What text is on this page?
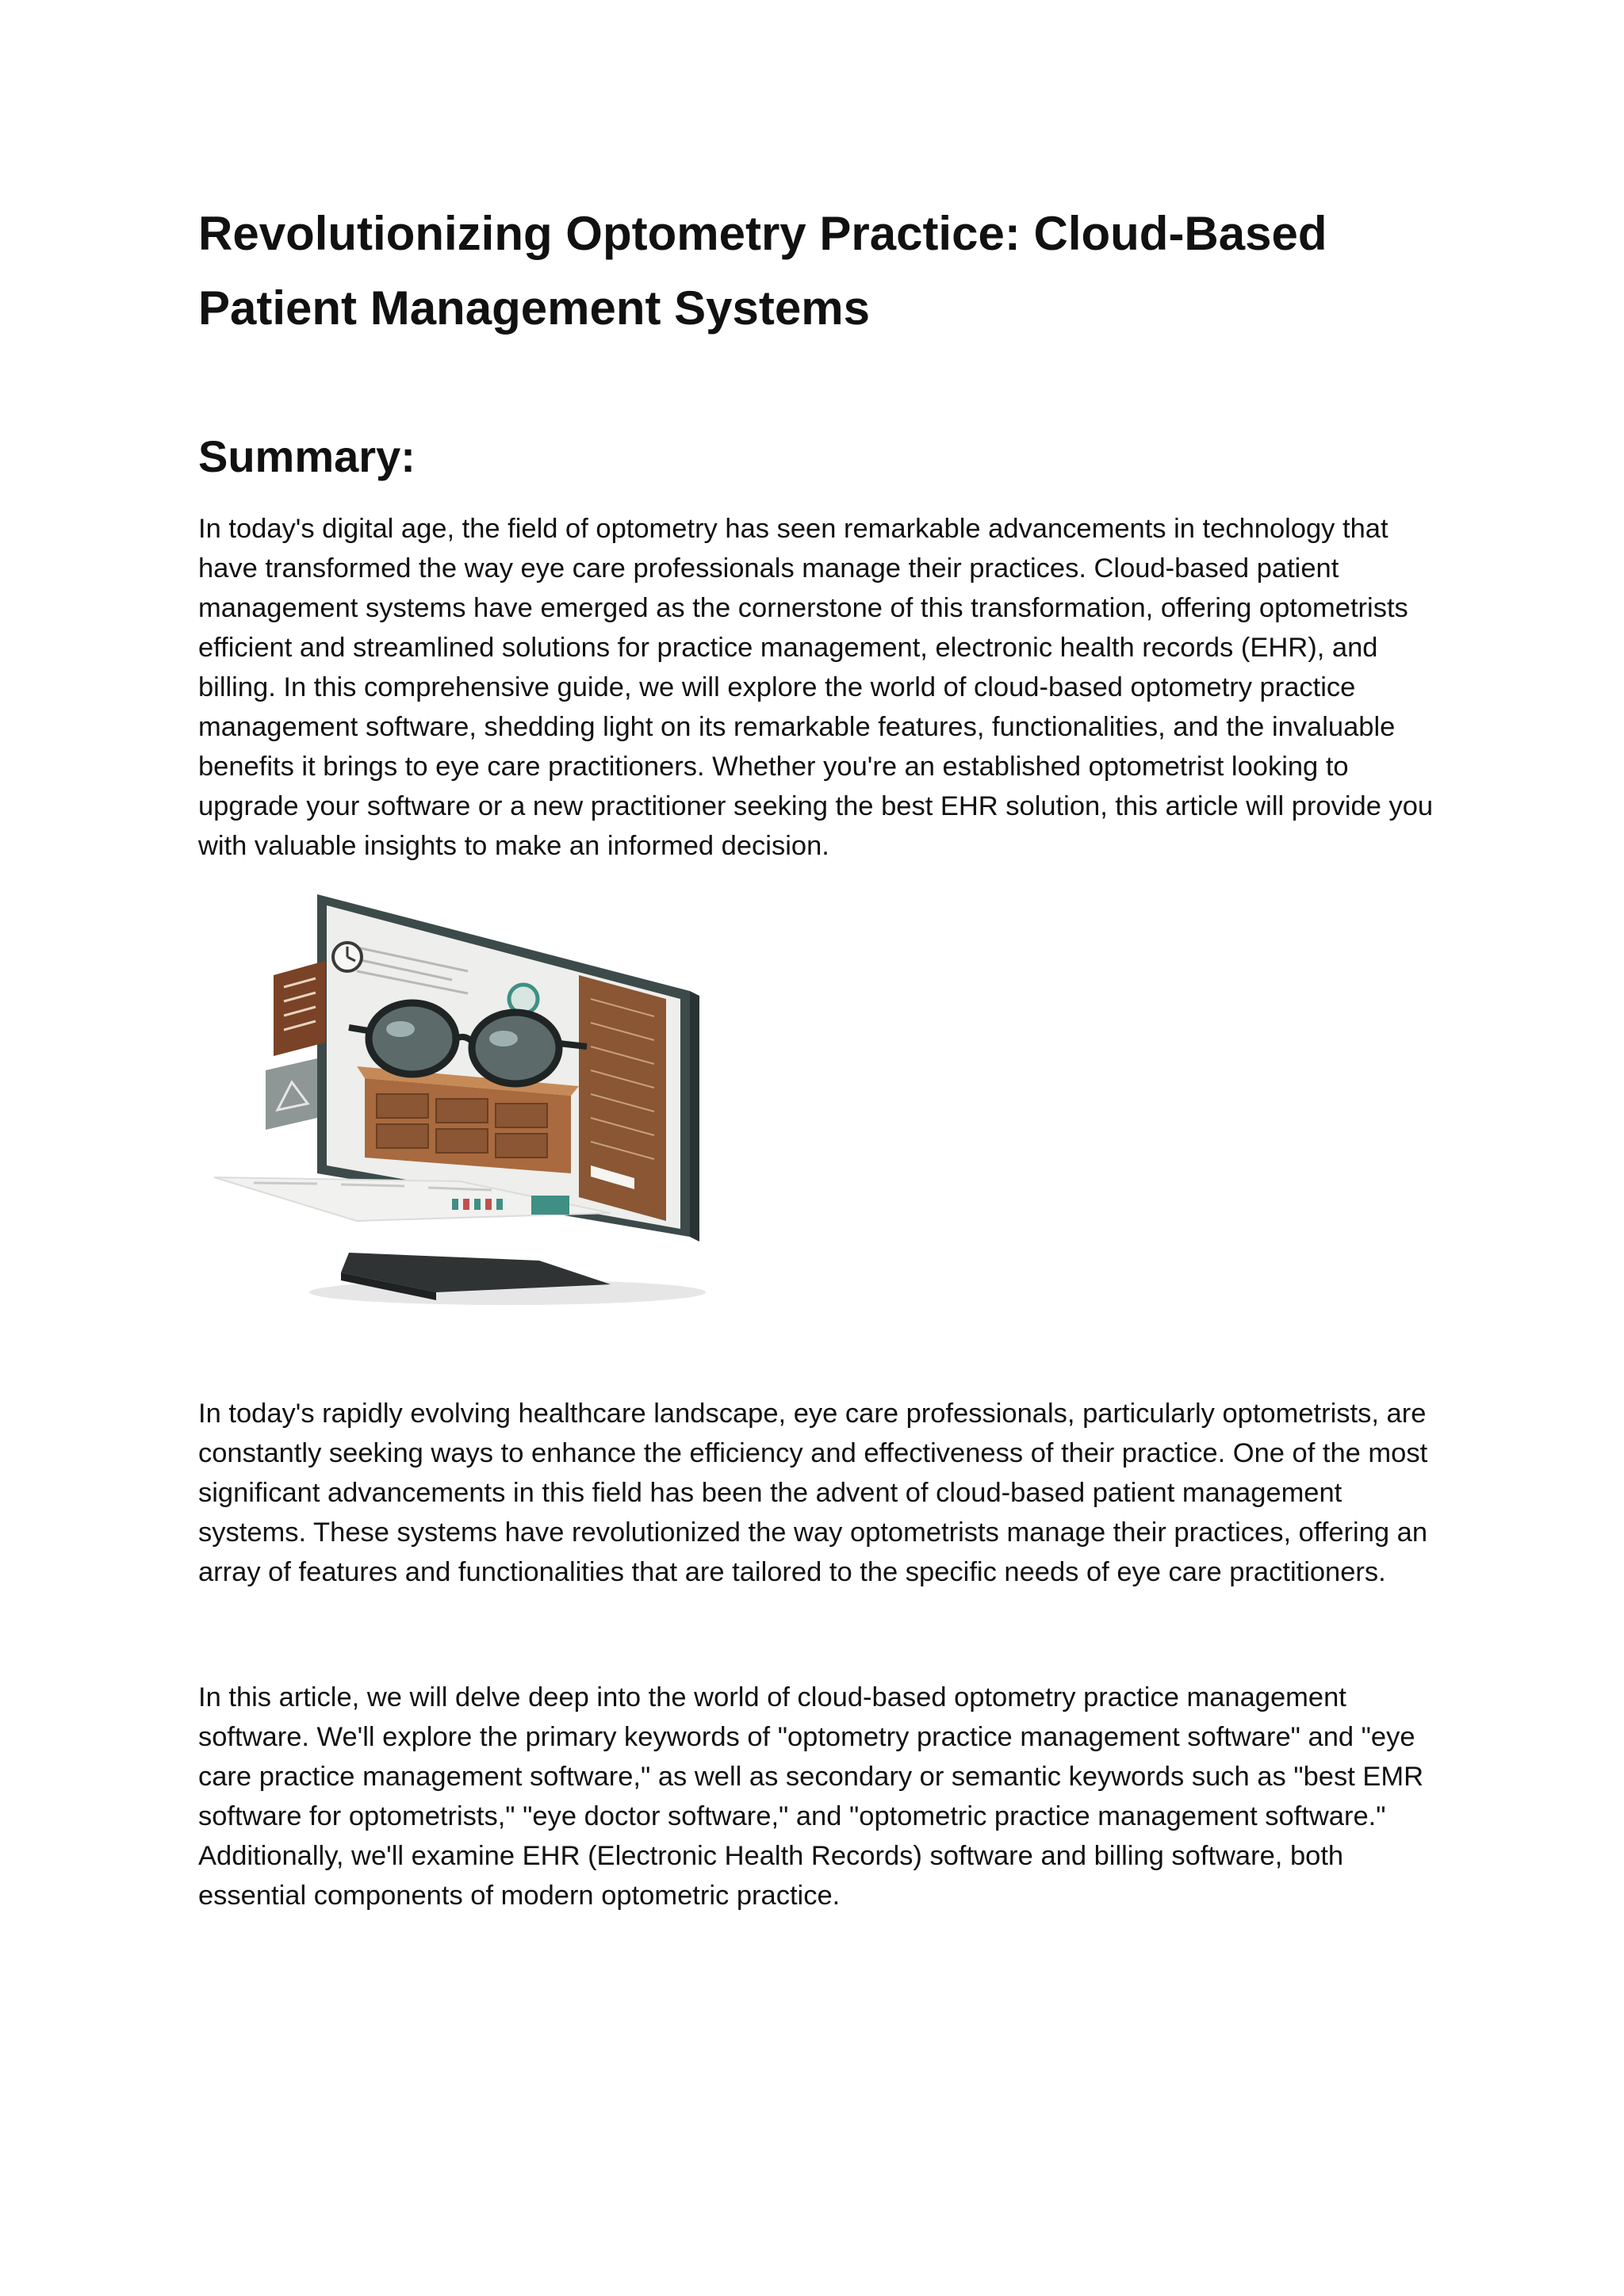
Revolutionizing Optometry Practice: Cloud-Based Patient Management Systems
Summary:

In today's digital age, the field of optometry has seen remarkable advancements in technology that have transformed the way eye care professionals manage their practices. Cloud-based patient management systems have emerged as the cornerstone of this transformation, offering optometrists efficient and streamlined solutions for practice management, electronic health records (EHR), and billing. In this comprehensive guide, we will explore the world of cloud-based optometry practice management software, shedding light on its remarkable features, functionalities, and the invaluable benefits it brings to eye care practitioners. Whether you're an established optometrist looking to upgrade your software or a new practitioner seeking the best EHR solution, this article will provide you with valuable insights to make an informed decision.

In today's rapidly evolving healthcare landscape, eye care professionals, particularly optometrists, are constantly seeking ways to enhance the efficiency and effectiveness of their practice. One of the most significant advancements in this field has been the advent of cloud-based patient management systems. These systems have revolutionized the way optometrists manage their practices, offering an array of features and functionalities that are tailored to the specific needs of eye care practitioners.

In this article, we will delve deep into the world of cloud-based optometry practice management software. We'll explore the primary keywords of "optometry practice management software" and "eye care practice management software," as well as secondary or semantic keywords such as "best EMR software for optometrists," "eye doctor software," and "optometric practice management software." Additionally, we'll examine EHR (Electronic Health Records) software and billing software, both essential components of modern optometric practice.
